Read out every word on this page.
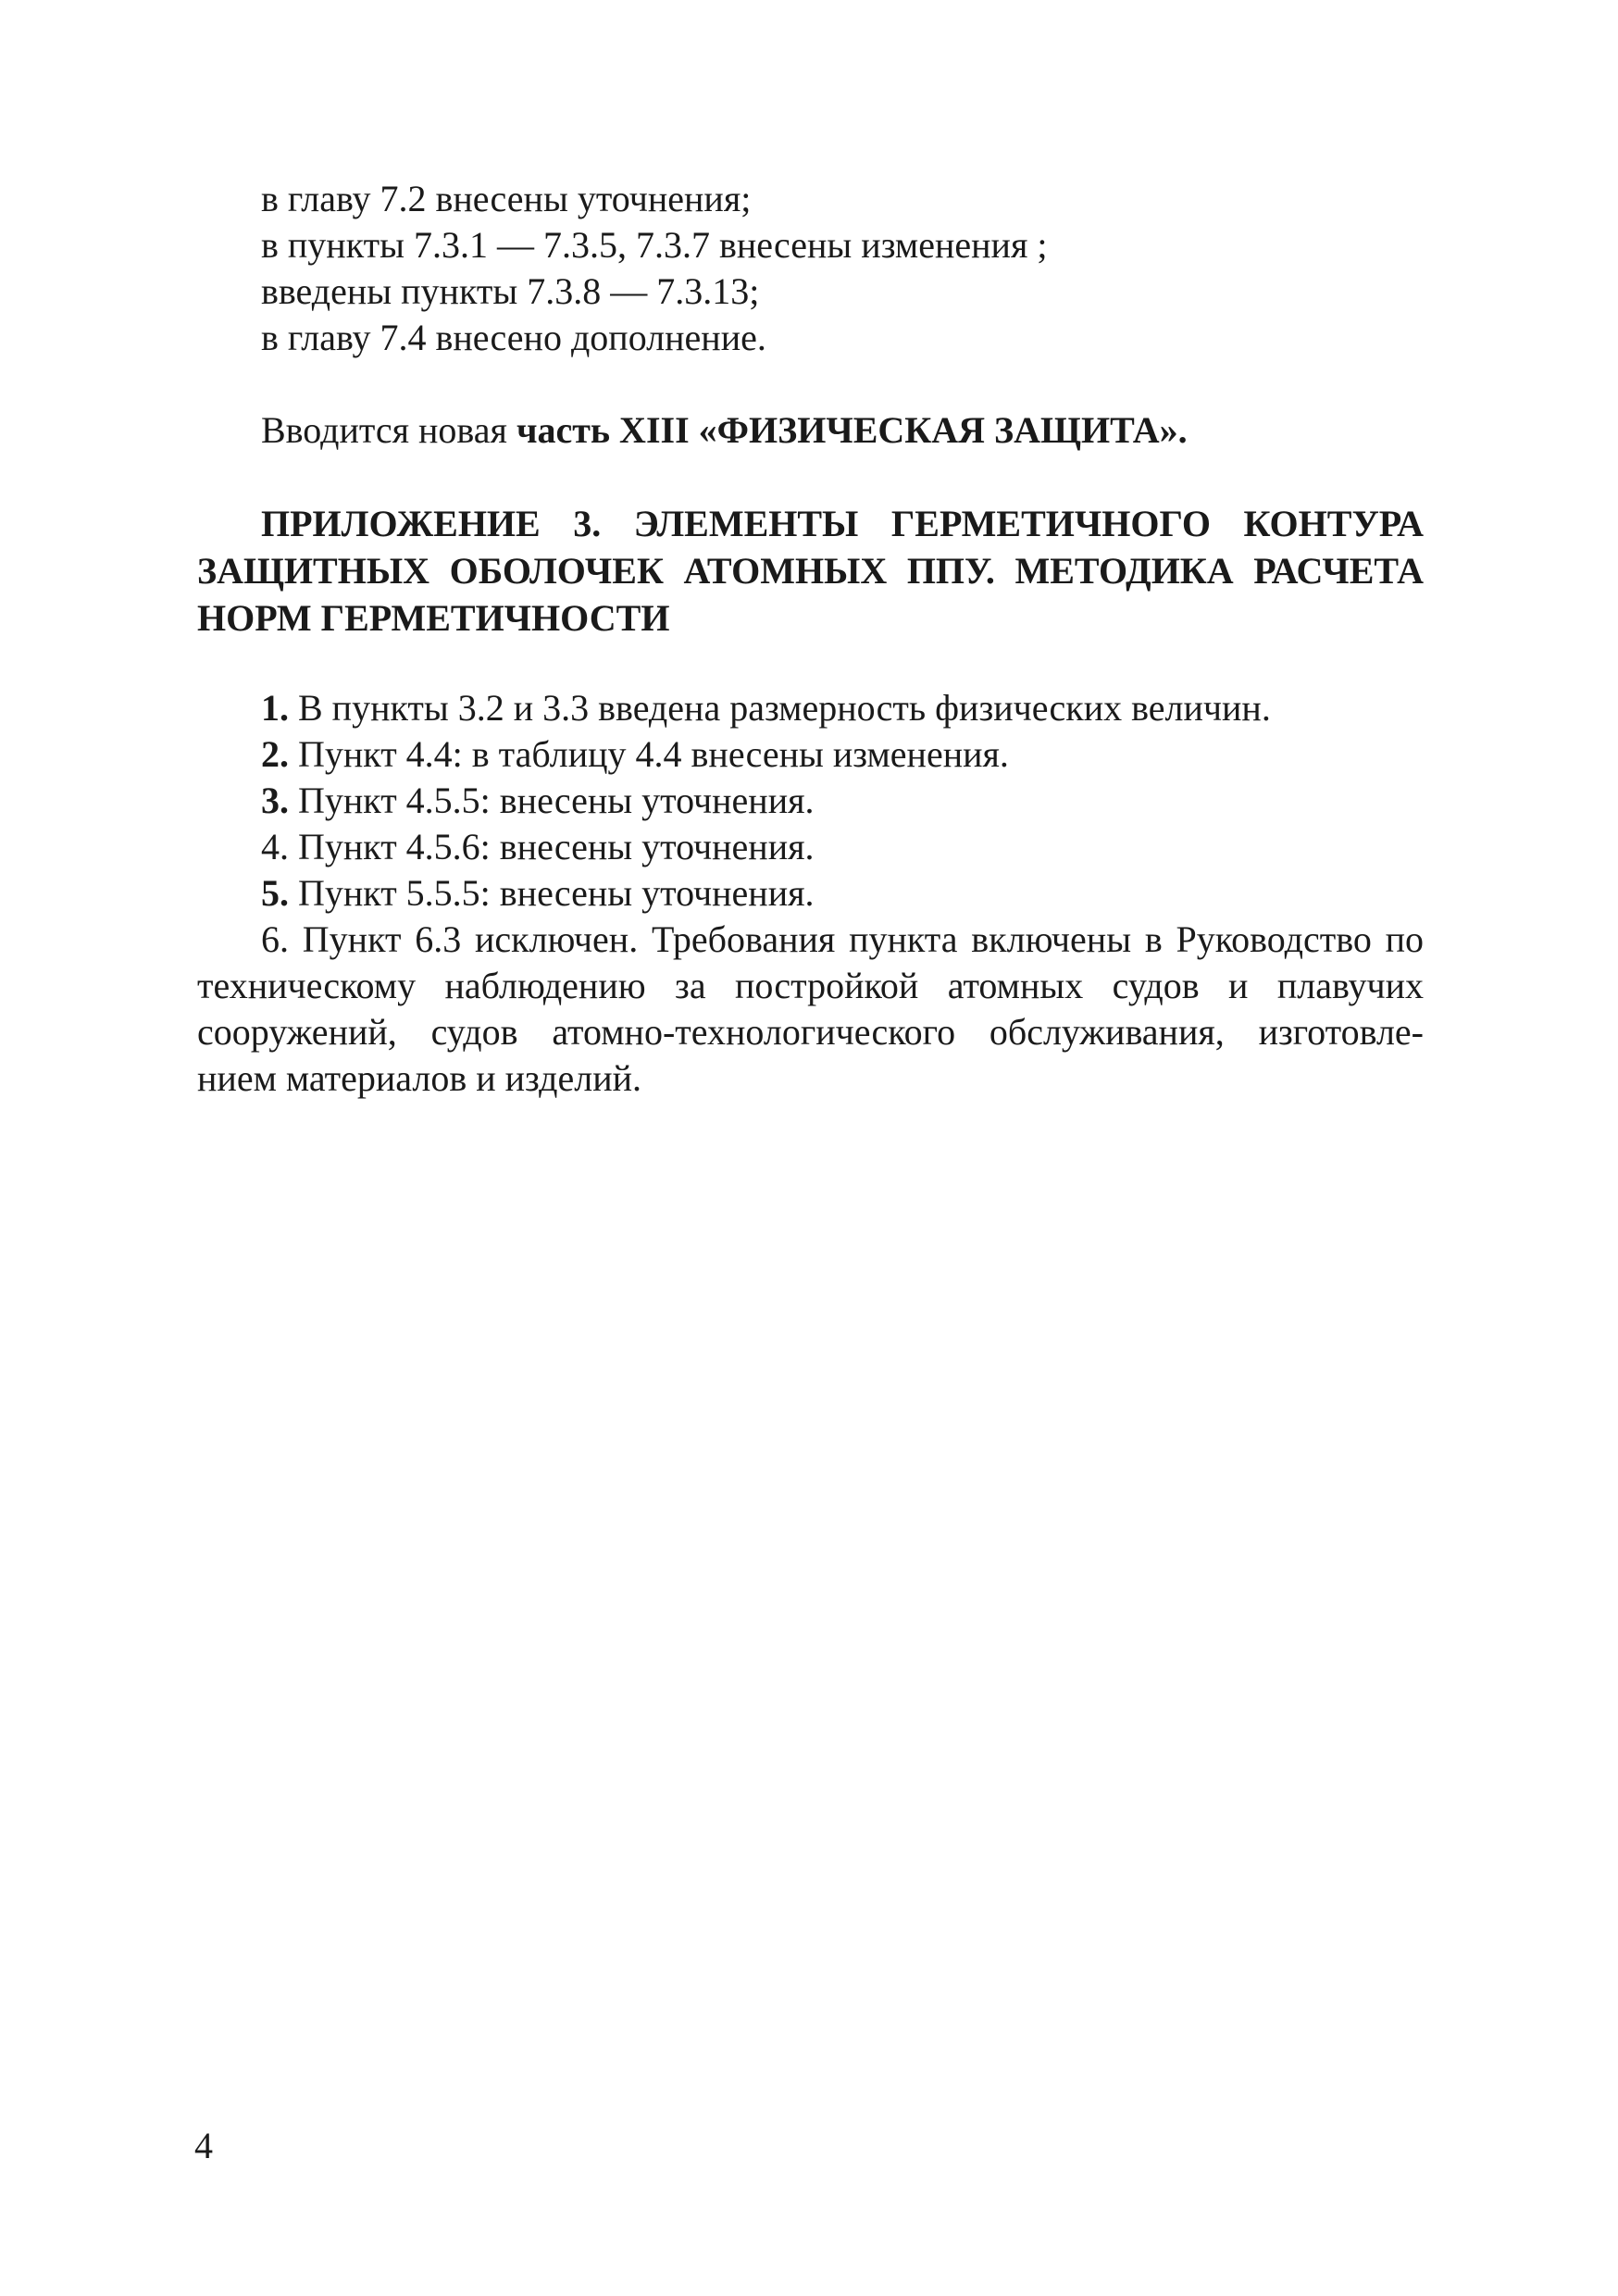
в главу 7.2 внесены уточнения;
в пункты 7.3.1 — 7.3.5, 7.3.7 внесены изменения ;
введены пункты 7.3.8 — 7.3.13;
в главу 7.4 внесено дополнение.
Вводится новая часть XIII «ФИЗИЧЕСКАЯ ЗАЩИТА».
ПРИЛОЖЕНИЕ 3. ЭЛЕМЕНТЫ ГЕРМЕТИЧНОГО КОНТУРА
ЗАЩИТНЫХ ОБОЛОЧЕК АТОМНЫХ ППУ. МЕТОДИКА РАСЧЕТА
НОРМ ГЕРМЕТИЧНОСТИ
1. В пункты 3.2 и 3.3 введена размерность физических величин.
2. Пункт 4.4: в таблицу 4.4 внесены изменения.
3. Пункт 4.5.5: внесены уточнения.
4. Пункт 4.5.6: внесены уточнения.
5. Пункт 5.5.5: внесены уточнения.
6. Пункт 6.3 исключен. Требования пункта включены в Руководство по
техническому наблюдению за постройкой атомных судов и плавучих
сооружений, судов атомно-технологического обслуживания, изготовле-
нием материалов и изделий.
4
